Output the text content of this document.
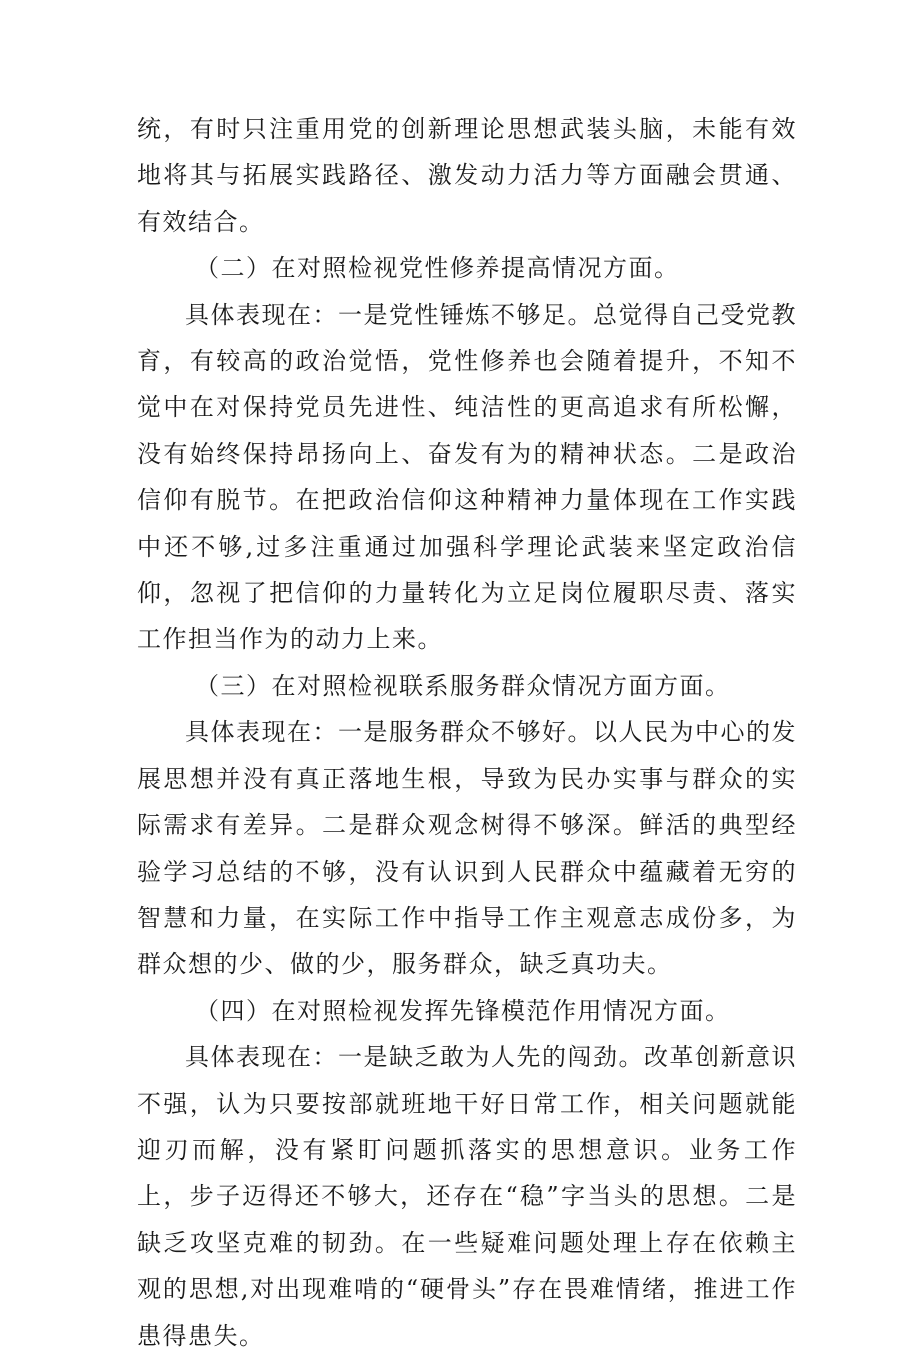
统，有时只注重用党的创新理论思想武装头脑，未能有效地将其与拓展实践路径、激发动力活力等方面融会贯通、有效结合。

（二）在对照检视党性修养提高情况方面。

具体表现在：一是党性锤炼不够足。总觉得自己受党教育，有较高的政治觉悟，党性修养也会随着提升，不知不觉中在对保持党员先进性、纯洁性的更高追求有所松懈，没有始终保持昂扬向上、奋发有为的精神状态。二是政治信仰有脱节。在把政治信仰这种精神力量体现在工作实践中还不够,过多注重通过加强科学理论武装来坚定政治信仰，忽视了把信仰的力量转化为立足岗位履职尽责、落实工作担当作为的动力上来。

（三）在对照检视联系服务群众情况方面方面。

具体表现在：一是服务群众不够好。以人民为中心的发展思想并没有真正落地生根，导致为民办实事与群众的实际需求有差异。二是群众观念树得不够深。鲜活的典型经验学习总结的不够，没有认识到人民群众中蕴藏着无穷的智慧和力量，在实际工作中指导工作主观意志成份多，为群众想的少、做的少，服务群众，缺乏真功夫。

（四）在对照检视发挥先锋模范作用情况方面。

具体表现在：一是缺乏敢为人先的闯劲。改革创新意识不强，认为只要按部就班地干好日常工作，相关问题就能迎刃而解，没有紧盯问题抓落实的思想意识。业务工作上，步子迈得还不够大，还存在“稳”字当头的思想。二是缺乏攻坚克难的韧劲。在一些疑难问题处理上存在依赖主观的思想,对出现难啃的“硬骨头”存在畏难情绪，推进工作患得患失。
